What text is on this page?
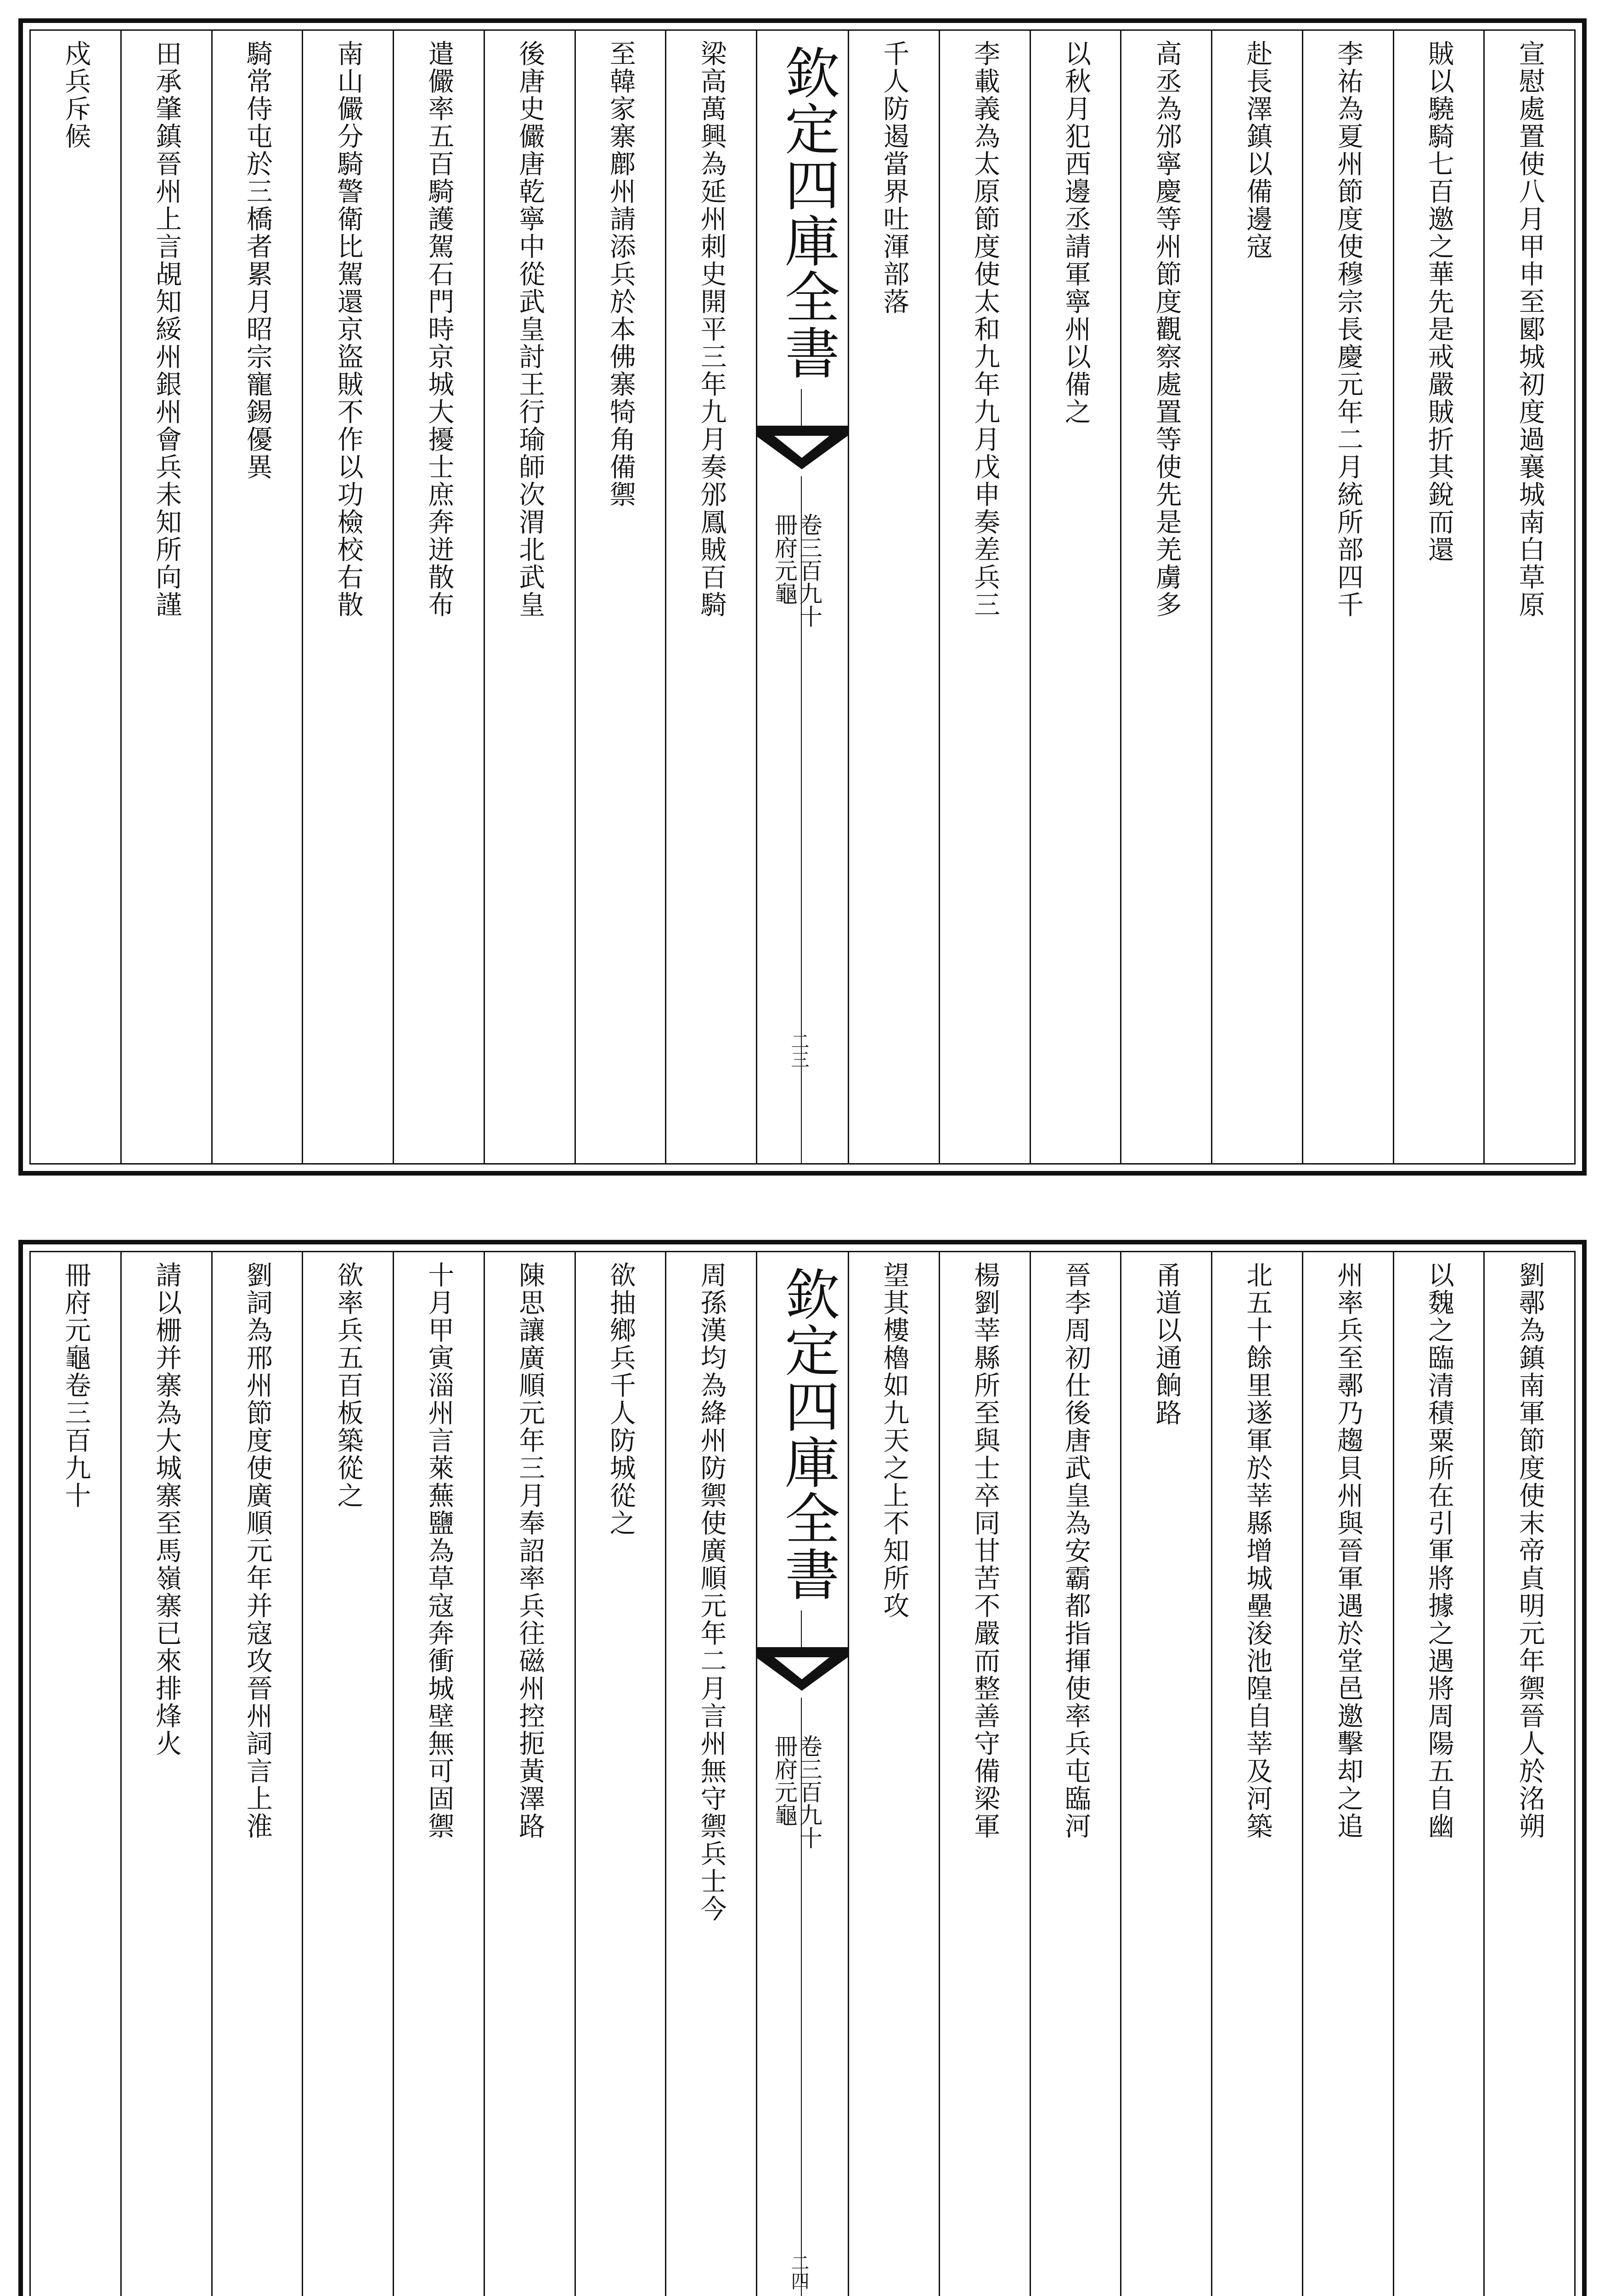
宣慰處置使八月甲申至郾城初度過襄城南白草原
賊以驍騎七百邀之華先是戒嚴賊折其銳而還
李祐為夏州節度使穆宗長慶元年二月統所部四千
赴長澤鎮以備邊寇
高丞為邠寧慶等州節度觀察處置等使先是羌虜多
以秋月犯西邊丞請軍寧州以備之
李載義為太原節度使太和九年九月戊申奏差兵三
千人防遏當界吐渾部落
欽定四庫全書
冊府元龜
卷三百九十
二三
梁高萬興為延州刺史開平三年九月奏邠鳳賊百騎
至韓家寨鄜州請添兵於本佛寨犄角備禦
後唐史儼唐乾寧中從武皇討王行瑜師次渭北武皇
遣儼率五百騎護駕石門時京城大擾士庶奔迸散布
南山儼分騎警衛比駕還京盜賊不作以功檢校右散
騎常侍屯於三橋者累月昭宗寵錫優異
田承肇鎮晉州上言覘知綏州銀州會兵未知所向謹
戍兵斥候
劉鄩為鎮南軍節度使末帝貞明元年禦晉人於洺朔
以魏之臨清積粟所在引軍將據之遇將周陽五自幽
州率兵至鄩乃趨貝州與晉軍遇於堂邑邀擊却之追
北五十餘里遂軍於莘縣增城壘浚池隍自莘及河築
甬道以通餉路
晉李周初仕後唐武皇為安霸都指揮使率兵屯臨河
楊劉莘縣所至與士卒同甘苦不嚴而整善守備梁軍
望其樓櫓如九天之上不知所攻
欽定四庫全書
冊府元龜
卷三百九十
二四
周孫漢均為絳州防禦使廣順元年二月言州無守禦兵士今
欲抽鄉兵千人防城從之
陳思讓廣順元年三月奉詔率兵往磁州控扼黃澤路
十月甲寅淄州言萊蕪鹽為草寇奔衝城壁無可固禦
欲率兵五百板築從之
劉詞為邢州節度使廣順元年并寇攻晉州詞言上淮
請以栅并寨為大城寨至馬嶺寨已來排烽火
冊府元龜卷三百九十
